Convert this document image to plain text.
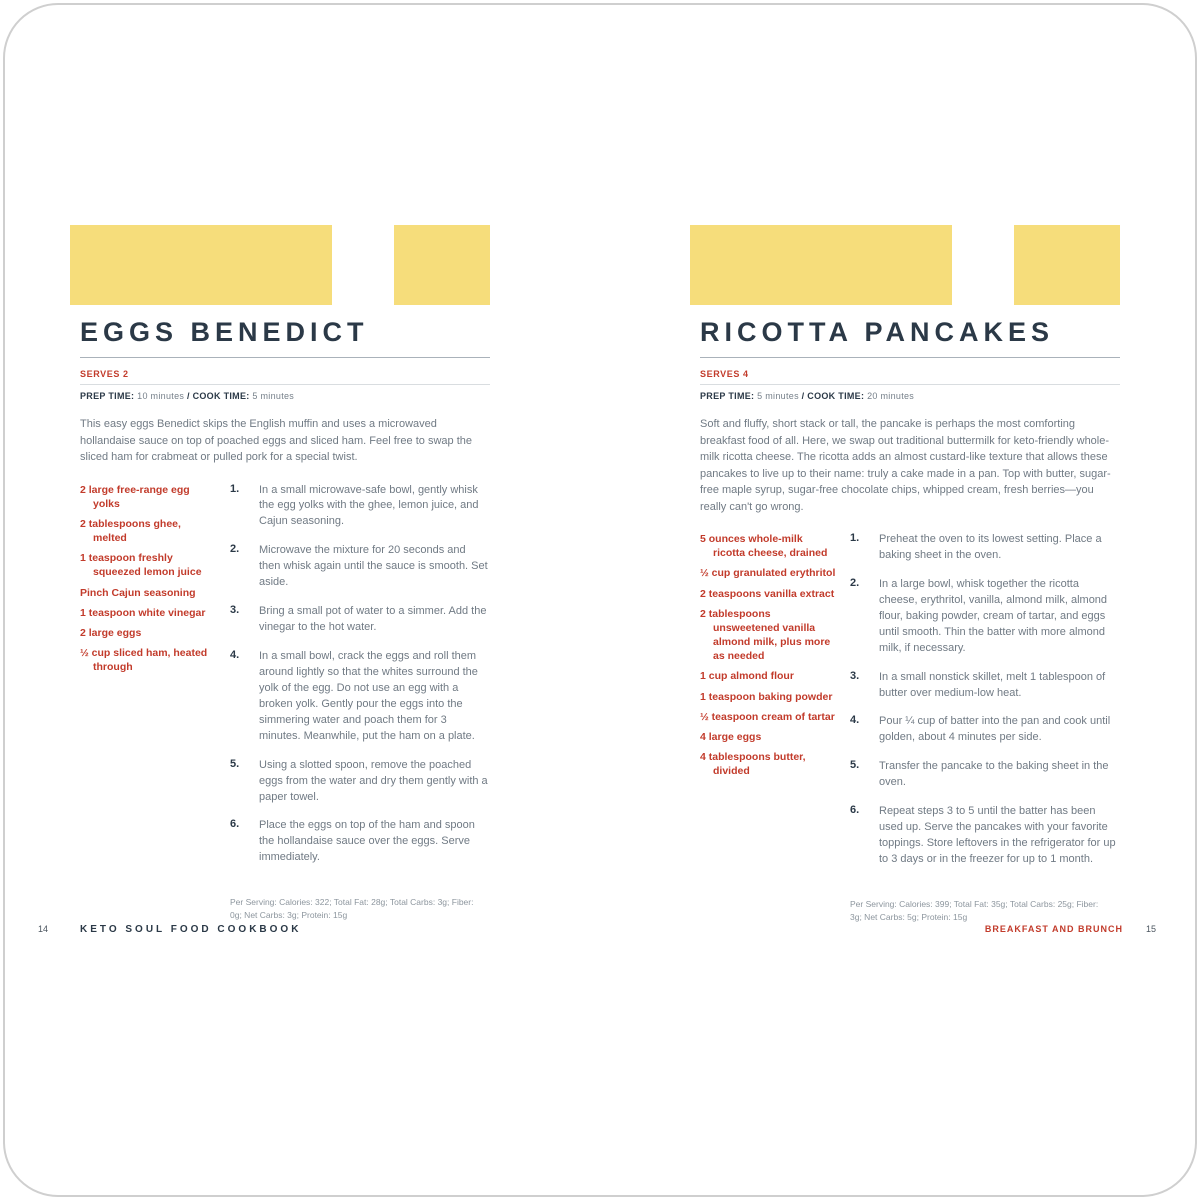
EGGS BENEDICT
SERVES 2
PREP TIME: 10 minutes / COOK TIME: 5 minutes

This easy eggs Benedict skips the English muffin and uses a microwaved hollandaise sauce on top of poached eggs and sliced ham. Feel free to swap the sliced ham for crabmeat or pulled pork for a special twist.

2 large free-range egg yolks
2 tablespoons ghee, melted
1 teaspoon freshly squeezed lemon juice
Pinch Cajun seasoning
1 teaspoon white vinegar
2 large eggs
½ cup sliced ham, heated through
1.	In a small microwave-safe bowl, gently whisk the egg yolks with the ghee, lemon juice, and Cajun seasoning.
2.	Microwave the mixture for 20 seconds and then whisk again until the sauce is smooth. Set aside.
3.	Bring a small pot of water to a simmer. Add the vinegar to the hot water.
4.	In a small bowl, crack the eggs and roll them around lightly so that the whites surround the yolk of the egg. Do not use an egg with a broken yolk. Gently pour the eggs into the simmering water and poach them for 3 minutes. Meanwhile, put the ham on a plate.
5.	Using a slotted spoon, remove the poached eggs from the water and dry them gently with a paper towel.
6.	Place the eggs on top of the ham and spoon the hollandaise sauce over the eggs. Serve immediately.

Per Serving: Calories: 322; Total Fat: 28g; Total Carbs: 3g; Fiber: 0g; Net Carbs: 3g; Protein: 15g

RICOTTA PANCAKES
SERVES 4
PREP TIME: 5 minutes / COOK TIME: 20 minutes

Soft and fluffy, short stack or tall, the pancake is perhaps the most comforting breakfast food of all. Here, we swap out traditional buttermilk for keto-friendly whole-milk ricotta cheese. The ricotta adds an almost custard-like texture that allows these pancakes to live up to their name: truly a cake made in a pan. Top with butter, sugar-free maple syrup, sugar-free chocolate chips, whipped cream, fresh berries—you really can't go wrong.

5 ounces whole-milk ricotta cheese, drained
½ cup granulated erythritol
2 teaspoons vanilla extract
2 tablespoons unsweetened vanilla almond milk, plus more as needed
1 cup almond flour
1 teaspoon baking powder
½ teaspoon cream of tartar
4 large eggs
4 tablespoons butter, divided
1.	Preheat the oven to its lowest setting. Place a baking sheet in the oven.
2.	In a large bowl, whisk together the ricotta cheese, erythritol, vanilla, almond milk, almond flour, baking powder, cream of tartar, and eggs until smooth. Thin the batter with more almond milk, if necessary.
3.	In a small nonstick skillet, melt 1 tablespoon of butter over medium-low heat.
4.	Pour ¼ cup of batter into the pan and cook until golden, about 4 minutes per side.
5.	Transfer the pancake to the baking sheet in the oven.
6.	Repeat steps 3 to 5 until the batter has been used up. Serve the pancakes with your favorite toppings. Store leftovers in the refrigerator for up to 3 days or in the freezer for up to 1 month.

Per Serving: Calories: 399; Total Fat: 35g; Total Carbs: 25g; Fiber: 3g; Net Carbs: 5g; Protein: 15g

14	KETO SOUL FOOD COOKBOOK	BREAKFAST AND BRUNCH	15
